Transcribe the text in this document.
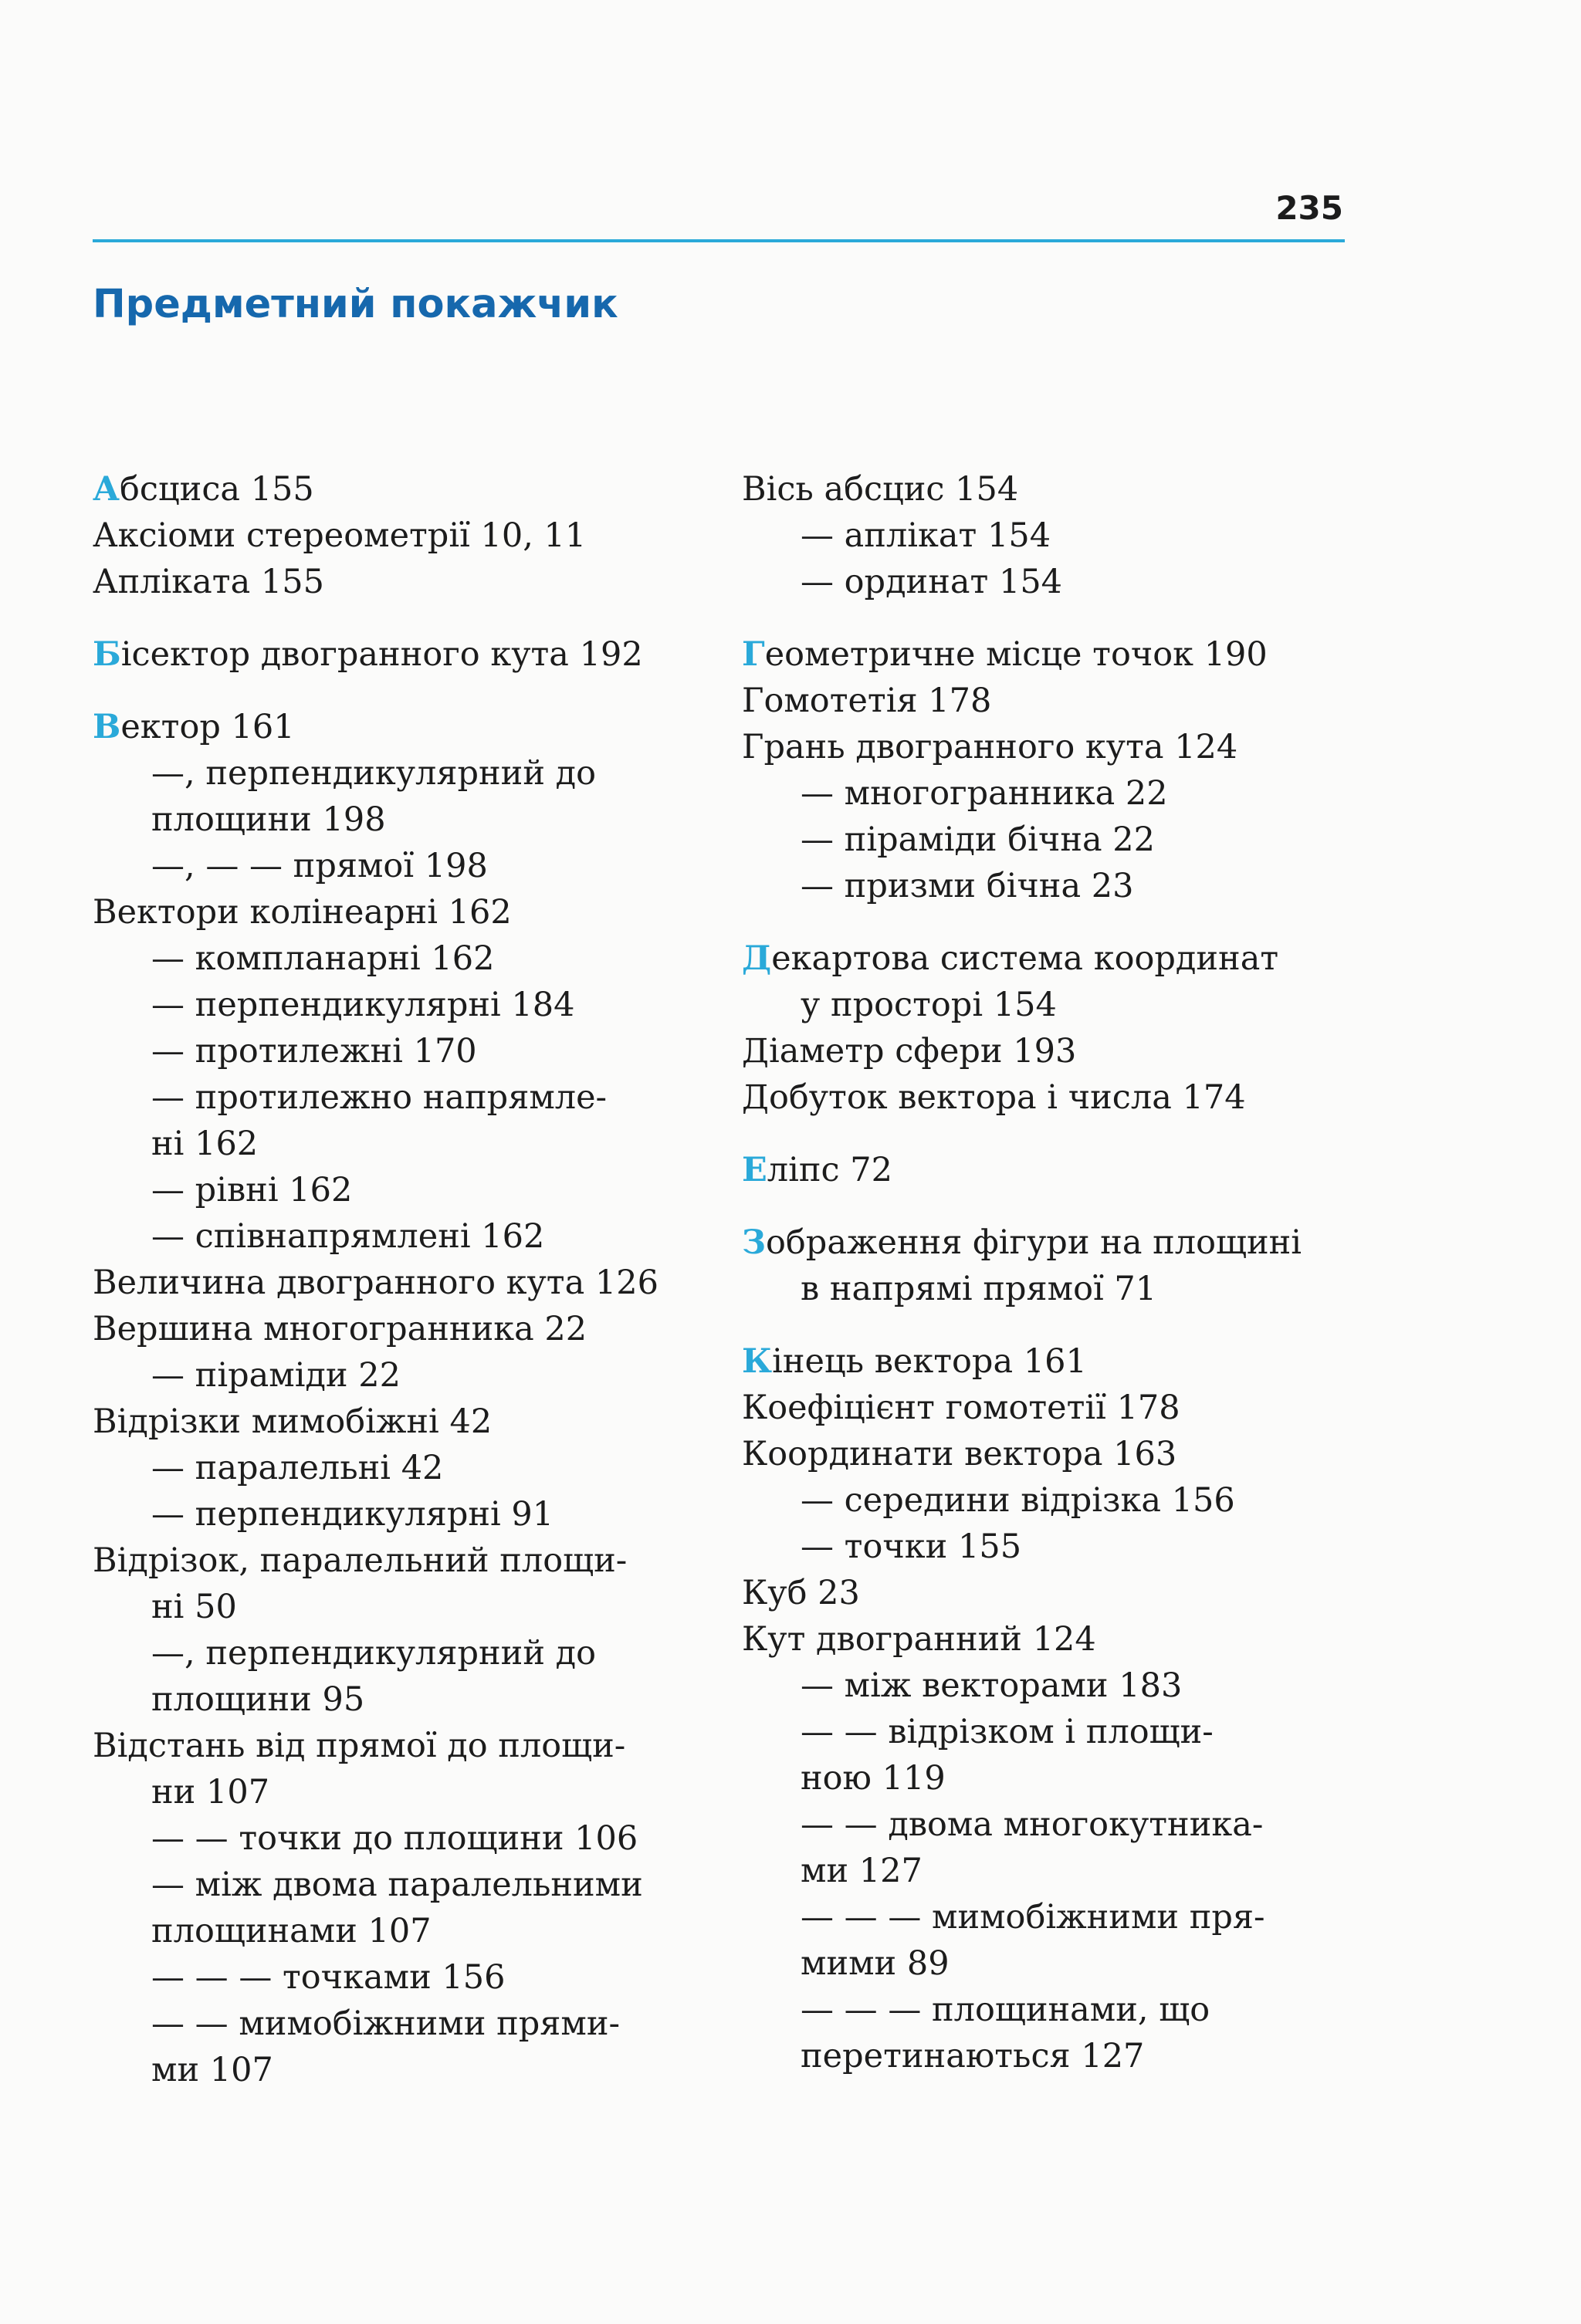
235
Предметний покажчик
Абсциса 155
Аксіоми стереометрії 10, 11
Апліката 155
Бісектор двогранного кута 192
Вектор 161
—, перпендикулярний до
площини 198
—, — — прямої 198
Вектори колінеарні 162
— компланарні 162
— перпендикулярні 184
— протилежні 170
— протилежно напрямле-
ні 162
— рівні 162
— співнапрямлені 162
Величина двогранного кута 126
Вершина многогранника 22
— піраміди 22
Відрізки мимобіжні 42
— паралельні 42
— перпендикулярні 91
Відрізок, паралельний площи-
ні 50
—, перпендикулярний до
площини 95
Відстань від прямої до площи-
ни 107
— — точки до площини 106
— між двома паралельними
площинами 107
— — — точками 156
— — мимобіжними прями-
ми 107
Вісь абсцис 154
— аплікат 154
— ординат 154
Геометричне місце точок 190
Гомотетія 178
Грань двогранного кута 124
— многогранника 22
— піраміди бічна 22
— призми бічна 23
Декартова система координат
у просторі 154
Діаметр сфери 193
Добуток вектора і числа 174
Еліпс 72
Зображення фігури на площині
в напрямі прямої 71
Кінець вектора 161
Коефіцієнт гомотетії 178
Координати вектора 163
— середини відрізка 156
— точки 155
Куб 23
Кут двогранний 124
— між векторами 183
— — відрізком і площи-
ною 119
— — двома многокутника-
ми 127
— — — мимобіжними пря-
мими 89
— — — площинами, що
перетинаються 127
